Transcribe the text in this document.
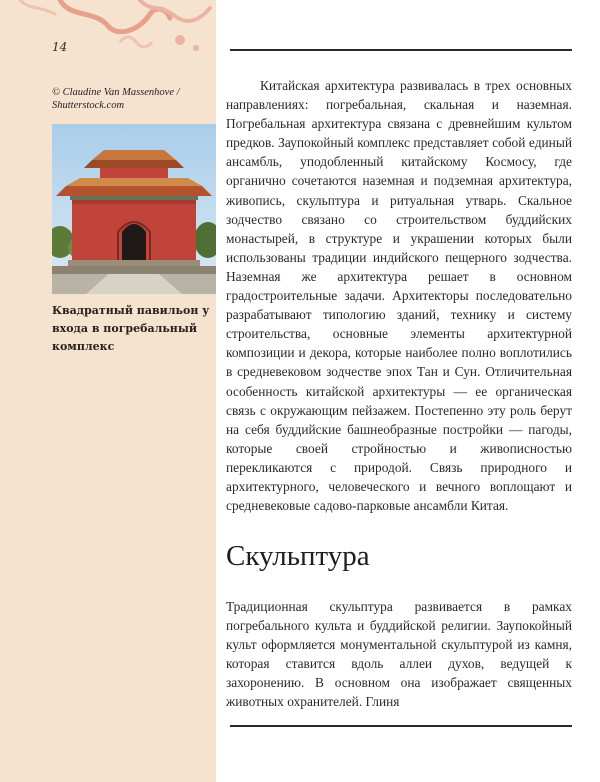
14
© Claudine Van Massenhove / Shutterstock.com
Квадратный павильон у входа в погребальный комплекс

Китайская архитектура развивалась в трех основных направлениях: погребальная, скальная и наземная. Погребальная архитектура связана с древнейшим культом предков. Заупокойный комплекс представляет собой единый ансамбль, уподобленный китайскому Космосу, где органично сочетаются наземная и подземная архитектура, живопись, скульптура и ритуальная утварь. Скальное зодчество связано со строительством буддийских монастырей, в структуре и украшении которых были использованы традиции индийского пещерного зодчества. Наземная же архитектура решает в основном градостроительные задачи. Архитекторы последовательно разрабатывают типологию зданий, технику и систему строительства, основные элементы архитектурной композиции и декора, которые наиболее полно воплотились в средневековом зодчестве эпох Тан и Сун. Отличительная особенность китайской архитектуры — ее органическая связь с окружающим пейзажем. Постепенно эту роль берут на себя буддийские башнеобразные постройки — пагоды, которые своей стройностью и живописностью перекликаются с природой. Связь природного и архитектурного, человеческого и вечного воплощают и средневековые садово-парковые ансамбли Китая.

Скульптура

Традиционная скульптура развивается в рамках погребального культа и буддийской религии. Заупокойный культ оформляется монументальной скульптурой из камня, которая ставится вдоль аллеи духов, ведущей к захоронению. В основном она изображает священных животных охранителей. Глиня
